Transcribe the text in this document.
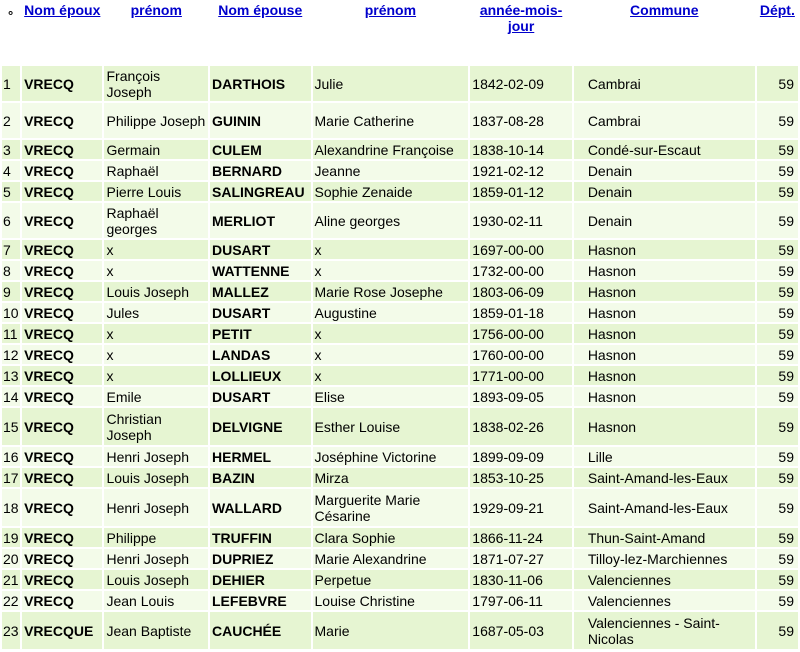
°	Nom époux	prénom	Nom épouse	prénom	année-mois-jour	Commune	Dépt.
1	VRECQ	François Joseph	DARTHOIS	Julie	1842-02-09	Cambrai	59
2	VRECQ	Philippe Joseph	GUININ	Marie Catherine	1837-08-28	Cambrai	59
3	VRECQ	Germain	CULEM	Alexandrine Françoise	1838-10-14	Condé-sur-Escaut	59
4	VRECQ	Raphaël	BERNARD	Jeanne	1921-02-12	Denain	59
5	VRECQ	Pierre Louis	SALINGREAU	Sophie Zenaide	1859-01-12	Denain	59
6	VRECQ	Raphaël georges	MERLIOT	Aline georges	1930-02-11	Denain	59
7	VRECQ	x	DUSART	x	1697-00-00	Hasnon	59
8	VRECQ	x	WATTENNE	x	1732-00-00	Hasnon	59
9	VRECQ	Louis Joseph	MALLEZ	Marie Rose Josephe	1803-06-09	Hasnon	59
10	VRECQ	Jules	DUSART	Augustine	1859-01-18	Hasnon	59
11	VRECQ	x	PETIT	x	1756-00-00	Hasnon	59
12	VRECQ	x	LANDAS	x	1760-00-00	Hasnon	59
13	VRECQ	x	LOLLIEUX	x	1771-00-00	Hasnon	59
14	VRECQ	Emile	DUSART	Elise	1893-09-05	Hasnon	59
15	VRECQ	Christian Joseph	DELVIGNE	Esther Louise	1838-02-26	Hasnon	59
16	VRECQ	Henri Joseph	HERMEL	Joséphine Victorine	1899-09-09	Lille	59
17	VRECQ	Louis Joseph	BAZIN	Mirza	1853-10-25	Saint-Amand-les-Eaux	59
18	VRECQ	Henri Joseph	WALLARD	Marguerite Marie Césarine	1929-09-21	Saint-Amand-les-Eaux	59
19	VRECQ	Philippe	TRUFFIN	Clara Sophie	1866-11-24	Thun-Saint-Amand	59
20	VRECQ	Henri Joseph	DUPRIEZ	Marie Alexandrine	1871-07-27	Tilloy-lez-Marchiennes	59
21	VRECQ	Louis Joseph	DEHIER	Perpetue	1830-11-06	Valenciennes	59
22	VRECQ	Jean Louis	LEFEBVRE	Louise Christine	1797-06-11	Valenciennes	59
23	VRECQUE	Jean Baptiste	CAUCHÉE	Marie	1687-05-03	Valenciennes - Saint-Nicolas	59
